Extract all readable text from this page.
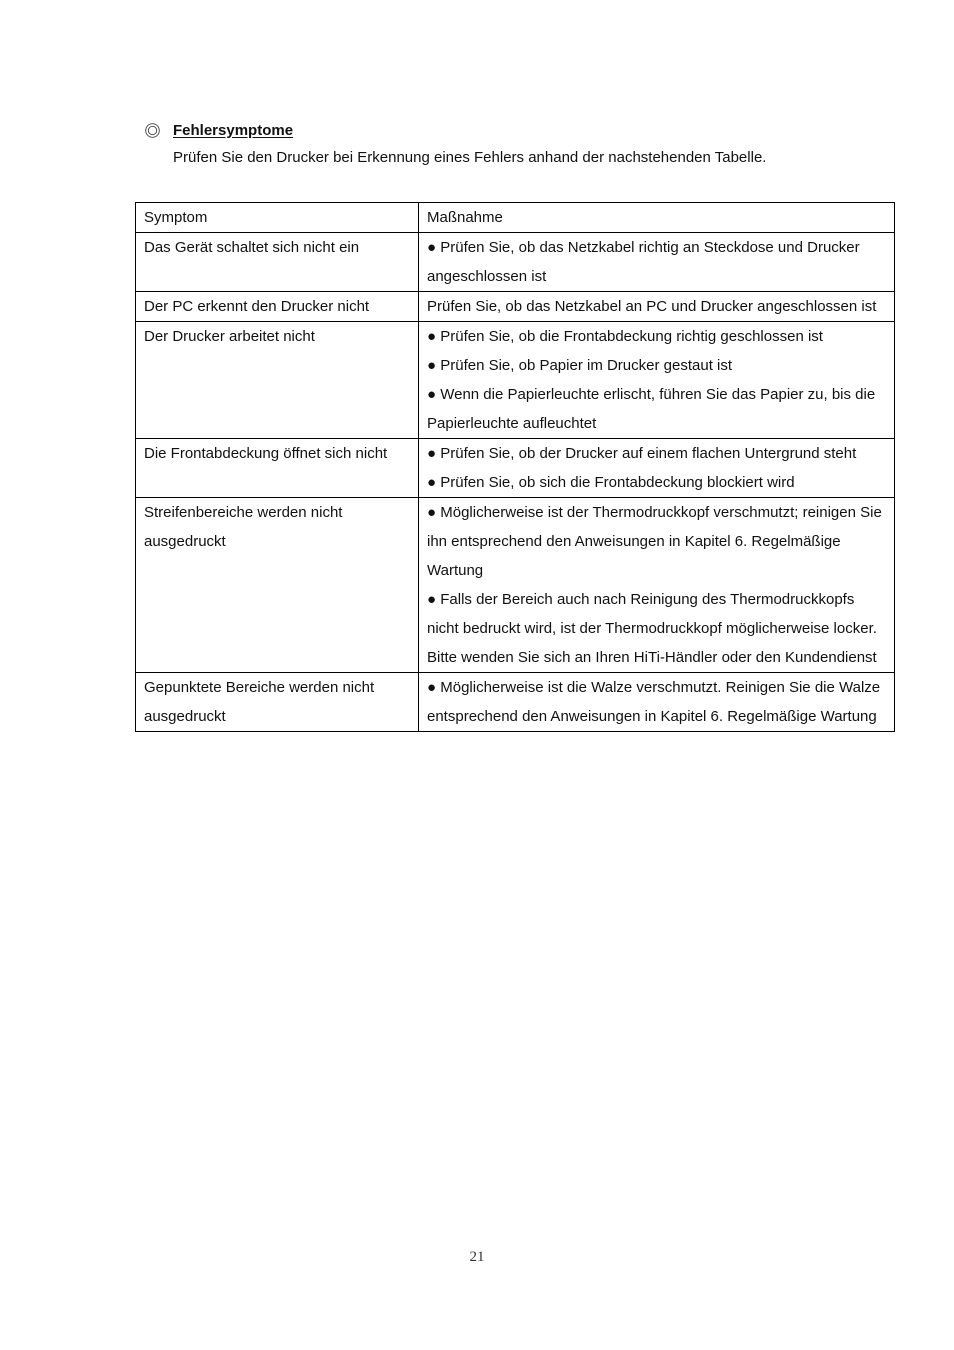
Fehlersymptome
Prüfen Sie den Drucker bei Erkennung eines Fehlers anhand der nachstehenden Tabelle.
Symptom	Maßnahme
Das Gerät schaltet sich nicht ein	● Prüfen Sie, ob das Netzkabel richtig an Steckdose und Drucker angeschlossen ist

Der PC erkennt den Drucker nicht	Prüfen Sie, ob das Netzkabel an PC und Drucker angeschlossen ist

Der Drucker arbeitet nicht	● Prüfen Sie, ob die Frontabdeckung richtig geschlossen ist
● Prüfen Sie, ob Papier im Drucker gestaut ist
● Wenn die Papierleuchte erlischt, führen Sie das Papier zu, bis die Papierleuchte aufleuchtet

Die Frontabdeckung öffnet sich nicht	● Prüfen Sie, ob der Drucker auf einem flachen Untergrund steht
● Prüfen Sie, ob sich die Frontabdeckung blockiert wird

Streifenbereiche werden nicht ausgedruckt	● Möglicherweise ist der Thermodruckkopf verschmutzt; reinigen Sie ihn entsprechend den Anweisungen in Kapitel 6. Regelmäßige Wartung
● Falls der Bereich auch nach Reinigung des Thermodruckkopfs nicht bedruckt wird, ist der Thermodruckkopf möglicherweise locker. Bitte wenden Sie sich an Ihren HiTi-Händler oder den Kundendienst

Gepunktete Bereiche werden nicht ausgedruckt	● Möglicherweise ist die Walze verschmutzt. Reinigen Sie die Walze entsprechend den Anweisungen in Kapitel 6. Regelmäßige Wartung
21
